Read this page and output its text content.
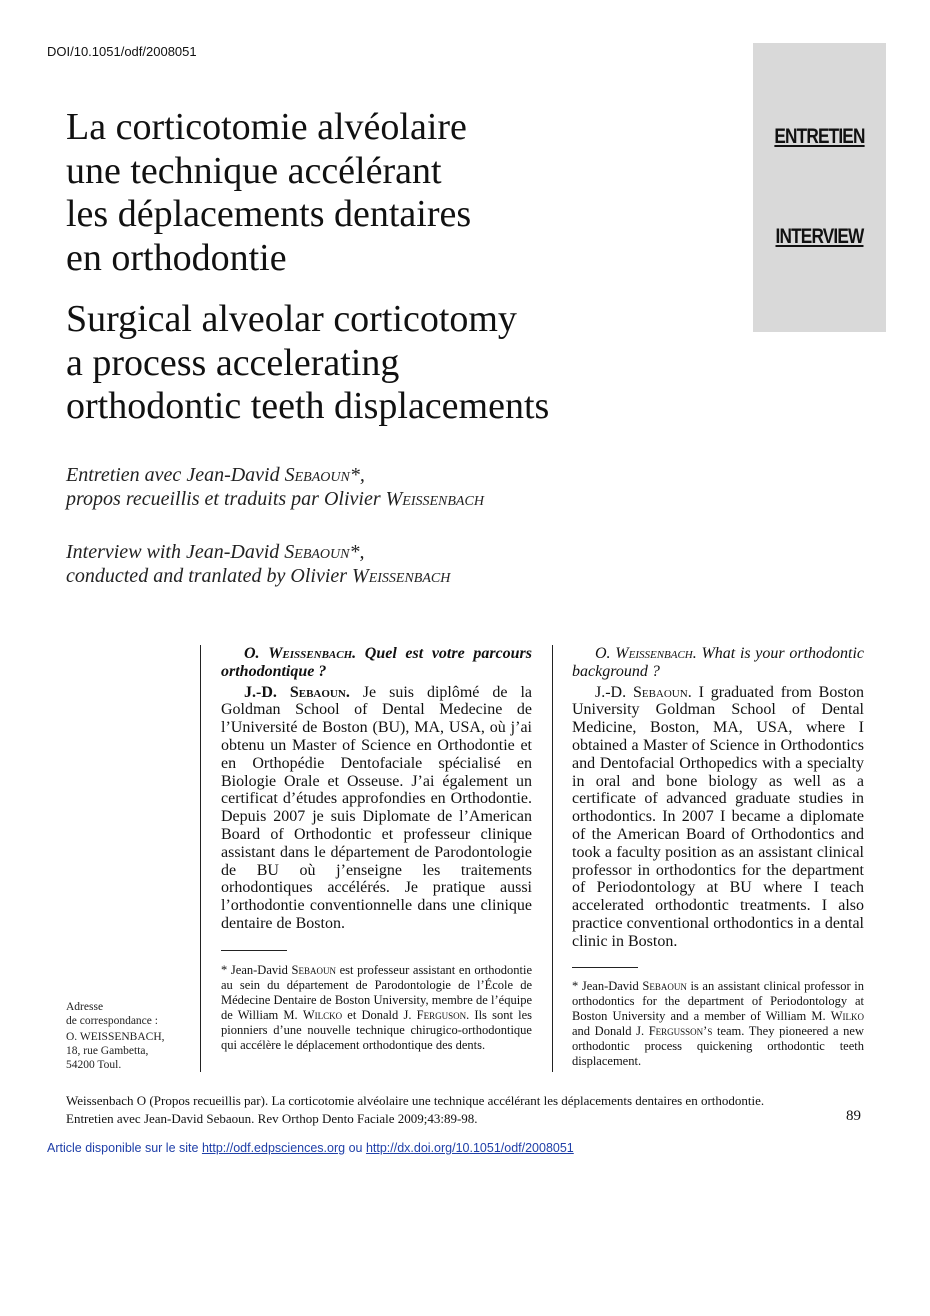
DOI/10.1051/odf/2008051
ENTRETIEN
INTERVIEW
La corticotomie alvéolaire
une technique accélérant
les déplacements dentaires
en orthodontie
Surgical alveolar corticotomy
a process accelerating
orthodontic teeth displacements
Entretien avec Jean-David Sebaoun*,
propos recueillis et traduits par Olivier Weissenbach
Interview with Jean-David Sebaoun*,
conducted and tranlated by Olivier Weissenbach

O. Weissenbach. Quel est votre parcours orthodontique ?

J.-D. Sebaoun. Je suis diplômé de la Goldman School of Dental Medecine de l’Université de Boston (BU), MA, USA, où j’ai obtenu un Master of Science en Orthodontie et en Orthopédie Dentofaciale spécialisé en Biologie Orale et Osseuse. J’ai également un certificat d’études approfondies en Orthodontie. Depuis 2007 je suis Diplomate de l’American Board of Orthodontic et professeur clinique assistant dans le département de Parodontologie de BU où j’enseigne les traitements orhodontiques accélérés. Je pratique aussi l’orthodontie conventionnelle dans une clinique dentaire de Boston.

O. Weissenbach. What is your orthodontic background ?

J.-D. Sebaoun. I graduated from Boston University Goldman School of Dental Medicine, Boston, MA, USA, where I obtained a Master of Science in Orthodontics and Dentofacial Orthopedics with a specialty in oral and bone biology as well as a certificate of advanced graduate studies in orthodontics. In 2007 I became a diplomate of the American Board of Orthodontics and took a faculty position as an assistant clinical professor in orthodontics for the department of Periodontology at BU where I teach accelerated orthodontic treatments. I also practice conventional orthodontics in a dental clinic in Boston.

* Jean-David Sebaoun est professeur assistant en orthodontie au sein du département de Parodontologie de l’École de Médecine Dentaire de Boston University, membre de l’équipe de William M. Wilcko et Donald J. Ferguson. Ils sont les pionniers d’une nouvelle technique chirugico-orthodontique qui accélère le déplacement orthodontique des dents.
* Jean-David Sebaoun is an assistant clinical professor in orthodontics for the department of Periodontology at Boston University and a member of William M. Wilko and Donald J. Fergusson’s team. They pioneered a new orthodontic process quickening orthodontic teeth displacement.
Adresse
de correspondance :
O. WEISSENBACH,
18, rue Gambetta,
54200 Toul.
Weissenbach O (Propos recueillis par). La corticotomie alvéolaire une technique accélérant les déplacements dentaires en orthodontie.
Entretien avec Jean-David Sebaoun. Rev Orthop Dento Faciale 2009;43:89-98.	89
Article disponible sur le site http://odf.edpsciences.org ou http://dx.doi.org/10.1051/odf/2008051
